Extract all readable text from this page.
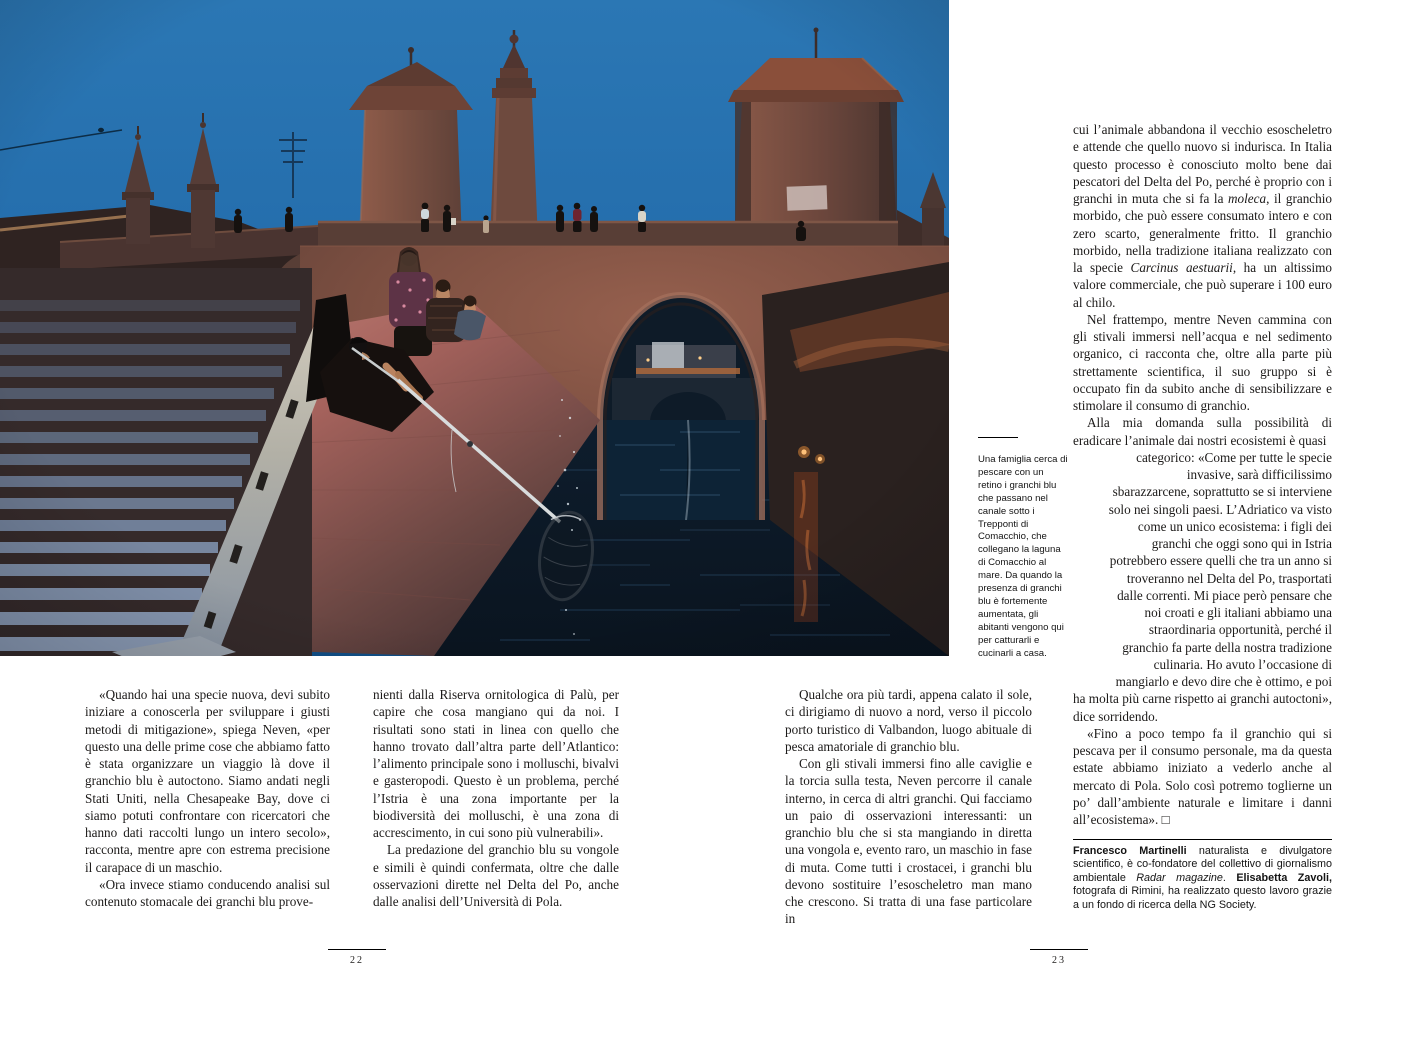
Una famiglia cerca di pescare con un retino i granchi blu che passano nel canale sotto i Trepponti di Comacchio, che collegano la laguna di Comacchio al mare. Da quando la presenza di granchi blu è fortemente aumentata, gli abitanti vengono qui per catturarli e cucinarli a casa.

cui l’animale abbandona il vecchio esoscheletro e attende che quello nuovo si indurisca. In Italia questo processo è conosciuto molto bene dai pescatori del Delta del Po, perché è proprio con i granchi in muta che si fa la moleca, il granchio morbido, che può essere consumato intero e con zero scarto, generalmente fritto. Il granchio morbido, nella tradizione italiana realizzato con la specie Carcinus aestuarii, ha un altissimo valore commerciale, che può superare i 100 euro al chilo.

Nel frattempo, mentre Neven cammina con gli stivali immersi nell’acqua e nel sedimento organico, ci racconta che, oltre alla parte più strettamente scientifica, il suo gruppo si è occupato fin da subito anche di sensibilizzare e stimolare il consumo di granchio.

Alla mia domanda sulla possibilità di eradicare l’animale dai nostri ecosistemi è quasi

categorico: «Come per tutte le specie invasive, sarà difficilissimo sbarazzarcene, soprattutto se si interviene solo nei singoli paesi. L’Adriatico va visto come un unico ecosistema: i figli dei granchi che oggi sono qui in Istria potrebbero essere quelli che tra un anno si troveranno nel Delta del Po, trasportati dalle correnti. Mi piace però pensare che noi croati e gli italiani abbiamo una straordinaria opportunità, perché il granchio fa parte della nostra tradizione culinaria. Ho avuto l’occasione di mangiarlo e devo dire che è ottimo, e poi

ha molta più carne rispetto ai granchi autoctoni», dice sorridendo.

«Fino a poco tempo fa il granchio qui si pescava per il consumo personale, ma da questa estate abbiamo iniziato a vederlo anche al mercato di Pola. Solo così potremo toglierne un po’ dall’ambiente naturale e limitare i danni all’ecosistema». □

Francesco Martinelli naturalista e divulgatore scientifico, è co-fondatore del collettivo di giornalismo ambientale Radar magazine. Elisabetta Zavoli, fotografa di Rimini, ha realizzato questo lavoro grazie a un fondo di ricerca della NG Society.

«Quando hai una specie nuova, devi subito iniziare a conoscerla per sviluppare i giusti metodi di mitigazione», spiega Neven, «per questo una delle prime cose che abbiamo fatto è stata organizzare un viaggio là dove il granchio blu è autoctono. Siamo andati negli Stati Uniti, nella Chesapeake Bay, dove ci siamo potuti confrontare con ricercatori che hanno dati raccolti lungo un intero secolo», racconta, mentre apre con estrema precisione il carapace di un maschio.

«Ora invece stiamo conducendo analisi sul contenuto stomacale dei granchi blu prove-

nienti dalla Riserva ornitologica di Palù, per capire che cosa mangiano qui da noi. I risultati sono stati in linea con quello che hanno trovato dall’altra parte dell’Atlantico: l’alimento principale sono i molluschi, bivalvi e gasteropodi. Questo è un problema, perché l’Istria è una zona importante per la biodiversità dei molluschi, è una zona di accrescimento, in cui sono più vulnerabili».

La predazione del granchio blu su vongole e simili è quindi confermata, oltre che dalle osservazioni dirette nel Delta del Po, anche dalle analisi dell’Università di Pola.

Qualche ora più tardi, appena calato il sole, ci dirigiamo di nuovo a nord, verso il piccolo porto turistico di Valbandon, luogo abituale di pesca amatoriale di granchio blu.

Con gli stivali immersi fino alle caviglie e la torcia sulla testa, Neven percorre il canale interno, in cerca di altri granchi. Qui facciamo un paio di osservazioni interessanti: un granchio blu che si sta mangiando in diretta una vongola e, evento raro, un maschio in fase di muta. Come tutti i crostacei, i granchi blu devono sostituire l’esoscheletro man mano che crescono. Si tratta di una fase particolare in

22	23
